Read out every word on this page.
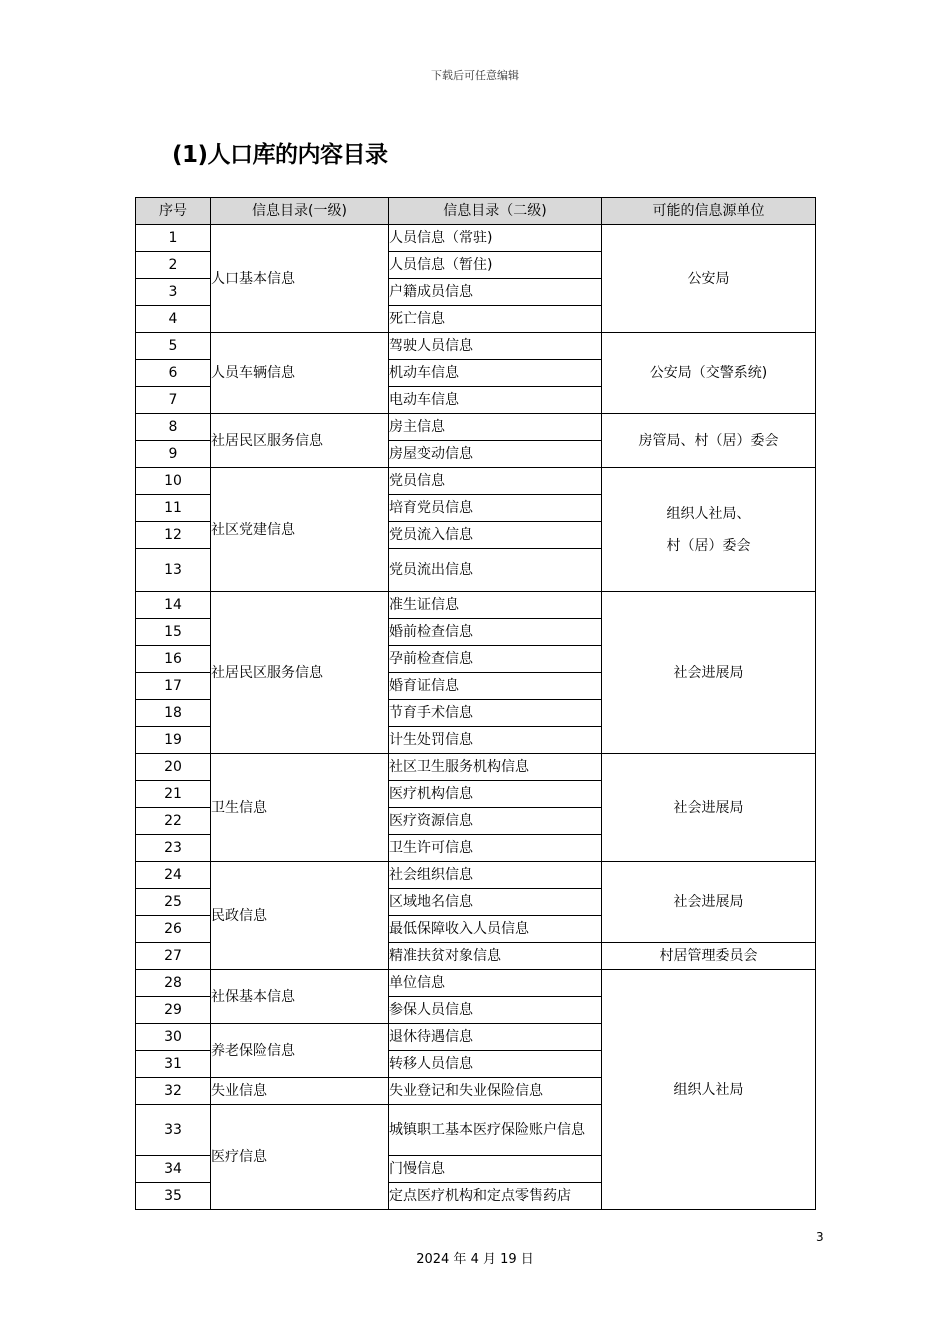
下载后可任意编辑
(1)人口库的内容目录
序号	信息目录(一级)	信息目录（二级)	可能的信息源单位
1	人口基本信息	人员信息（常驻)	公安局
2		人员信息（暂住)	
3		户籍成员信息	
4		死亡信息	
5	人员车辆信息	驾驶人员信息	公安局（交警系统)
6		机动车信息	
7		电动车信息	
8	社居民区服务信息	房主信息	房管局、村（居）委会
9		房屋变动信息	
10	社区党建信息	党员信息	组织人社局、
村（居）委会
11		培育党员信息	
12		党员流入信息	
13		党员流出信息	
14	社居民区服务信息	准生证信息	社会进展局
15		婚前检查信息	
16		孕前检查信息	
17		婚育证信息	
18		节育手术信息	
19		计生处罚信息	
20	卫生信息	社区卫生服务机构信息	社会进展局
21		医疗机构信息	
22		医疗资源信息	
23		卫生许可信息	
24	民政信息	社会组织信息	社会进展局
25		区域地名信息	
26		最低保障收入人员信息	
27		精准扶贫对象信息	村居管理委员会
28	社保基本信息	单位信息	组织人社局
29		参保人员信息	
30	养老保险信息	退休待遇信息	
31		转移人员信息	
32	失业信息	失业登记和失业保险信息	
33	医疗信息	城镇职工基本医疗保险账户信息	
34		门慢信息	
35		定点医疗机构和定点零售药店	
3
2024 年 4 月 19 日
